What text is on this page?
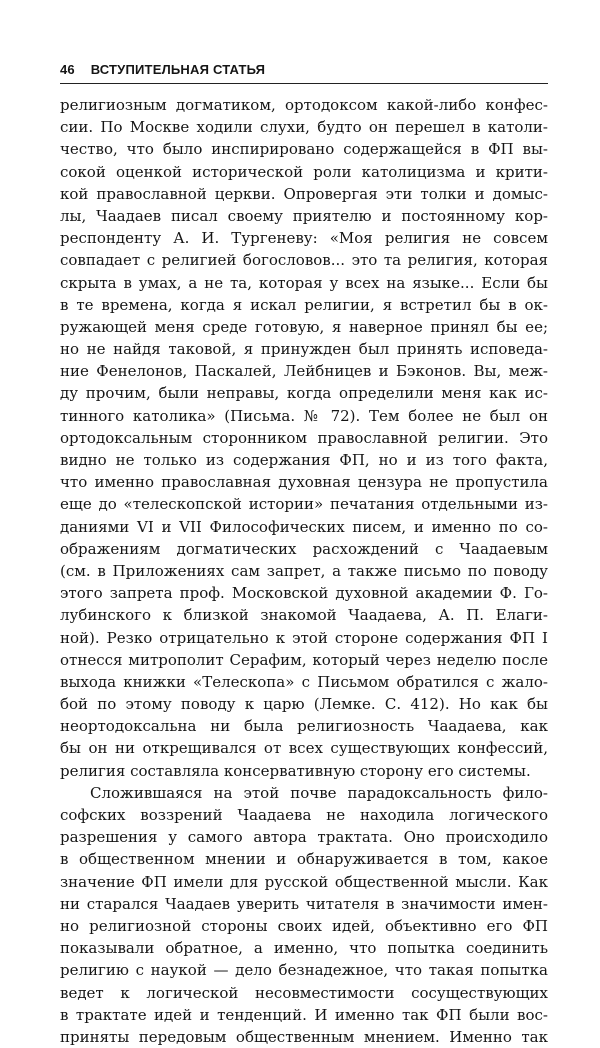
46 ВСТУПИТЕЛЬНАЯ СТАТЬЯ
религиозным догматиком, ортодоксом какой-либо конфес-
сии. По Москве ходили слухи, будто он перешел в католи-
чество, что было инспирировано содержащейся в ФП вы-
сокой оценкой исторической роли католицизма и крити-
кой православной церкви. Опровергая эти толки и домыс-
лы, Чаадаев писал своему приятелю и постоянному кор-
респонденту А. И. Тургеневу: «Моя религия не совсем
совпадает с религией богословов... это та религия, которая
скрыта в умах, а не та, которая у всех на языке... Если бы
в те времена, когда я искал религии, я встретил бы в ок-
ружающей меня среде готовую, я наверное принял бы ее;
но не найдя таковой, я принужден был принять исповеда-
ние Фенелонов, Паскалей, Лейбницев и Бэконов. Вы, меж-
ду прочим, были неправы, когда определили меня как ис-
тинного католика» (Письма. № 72). Тем более не был он
ортодоксальным сторонником православной религии. Это
видно не только из содержания ФП, но и из того факта,
что именно православная духовная цензура не пропустила
еще до «телескопской истории» печатания отдельными из-
даниями VI и VII Философических писем, и именно по со-
ображениям догматических расхождений с Чаадаевым
(см. в Приложениях сам запрет, а также письмо по поводу
этого запрета проф. Московской духовной академии Ф. Го-
лубинского к близкой знакомой Чаадаева, А. П. Елаги-
ной). Резко отрицательно к этой стороне содержания ФП I
отнесся митрополит Серафим, который через неделю после
выхода книжки «Телескопа» с Письмом обратился с жало-
бой по этому поводу к царю (Лемке. С. 412). Но как бы
неортодоксальна ни была религиозность Чаадаева, как
бы он ни открещивался от всех существующих конфессий,
религия составляла консервативную сторону его системы.
Сложившаяся на этой почве парадоксальность фило-
софских воззрений Чаадаева не находила логического
разрешения у самого автора трактата. Оно происходило
в общественном мнении и обнаруживается в том, какое
значение ФП имели для русской общественной мысли. Как
ни старался Чаадаев уверить читателя в значимости имен-
но религиозной стороны своих идей, объективно его ФП
показывали обратное, а именно, что попытка соединить
религию с наукой — дело безнадежное, что такая попытка
ведет к логической несовместимости сосуществующих
в трактате идей и тенденций. И именно так ФП были вос-
приняты передовым общественным мнением. Именно так
